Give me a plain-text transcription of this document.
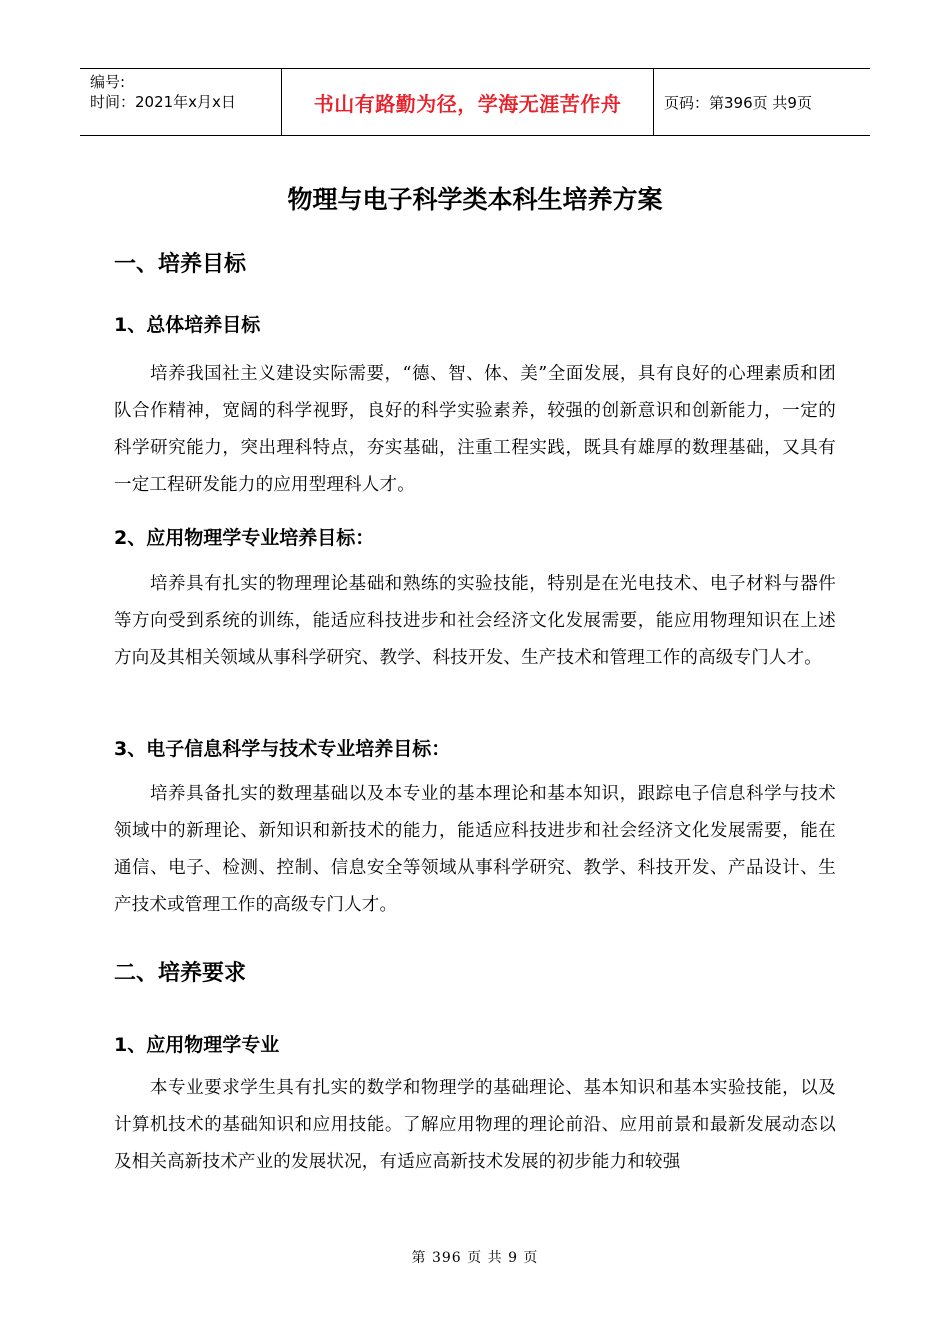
编号:
时间：2021年x月x日	书山有路勤为径，学海无涯苦作舟	页码：第396页 共9页
物理与电子科学类本科生培养方案
一、培养目标
1、总体培养目标
培养我国社主义建设实际需要，“德、智、体、美”全面发展，具有良好的心理素质和团队合作精神，宽阔的科学视野，良好的科学实验素养，较强的创新意识和创新能力，一定的科学研究能力，突出理科特点，夯实基础，注重工程实践，既具有雄厚的数理基础，又具有一定工程研发能力的应用型理科人才。
2、应用物理学专业培养目标：
培养具有扎实的物理理论基础和熟练的实验技能，特别是在光电技术、电子材料与器件等方向受到系统的训练，能适应科技进步和社会经济文化发展需要，能应用物理知识在上述方向及其相关领域从事科学研究、教学、科技开发、生产技术和管理工作的高级专门人才。
3、电子信息科学与技术专业培养目标：
培养具备扎实的数理基础以及本专业的基本理论和基本知识，跟踪电子信息科学与技术领域中的新理论、新知识和新技术的能力，能适应科技进步和社会经济文化发展需要，能在通信、电子、检测、控制、信息安全等领域从事科学研究、教学、科技开发、产品设计、生产技术或管理工作的高级专门人才。
二、培养要求
1、应用物理学专业
本专业要求学生具有扎实的数学和物理学的基础理论、基本知识和基本实验技能，以及计算机技术的基础知识和应用技能。了解应用物理的理论前沿、应用前景和最新发展动态以及相关高新技术产业的发展状况，有适应高新技术发展的初步能力和较强
第 396 页 共 9 页
